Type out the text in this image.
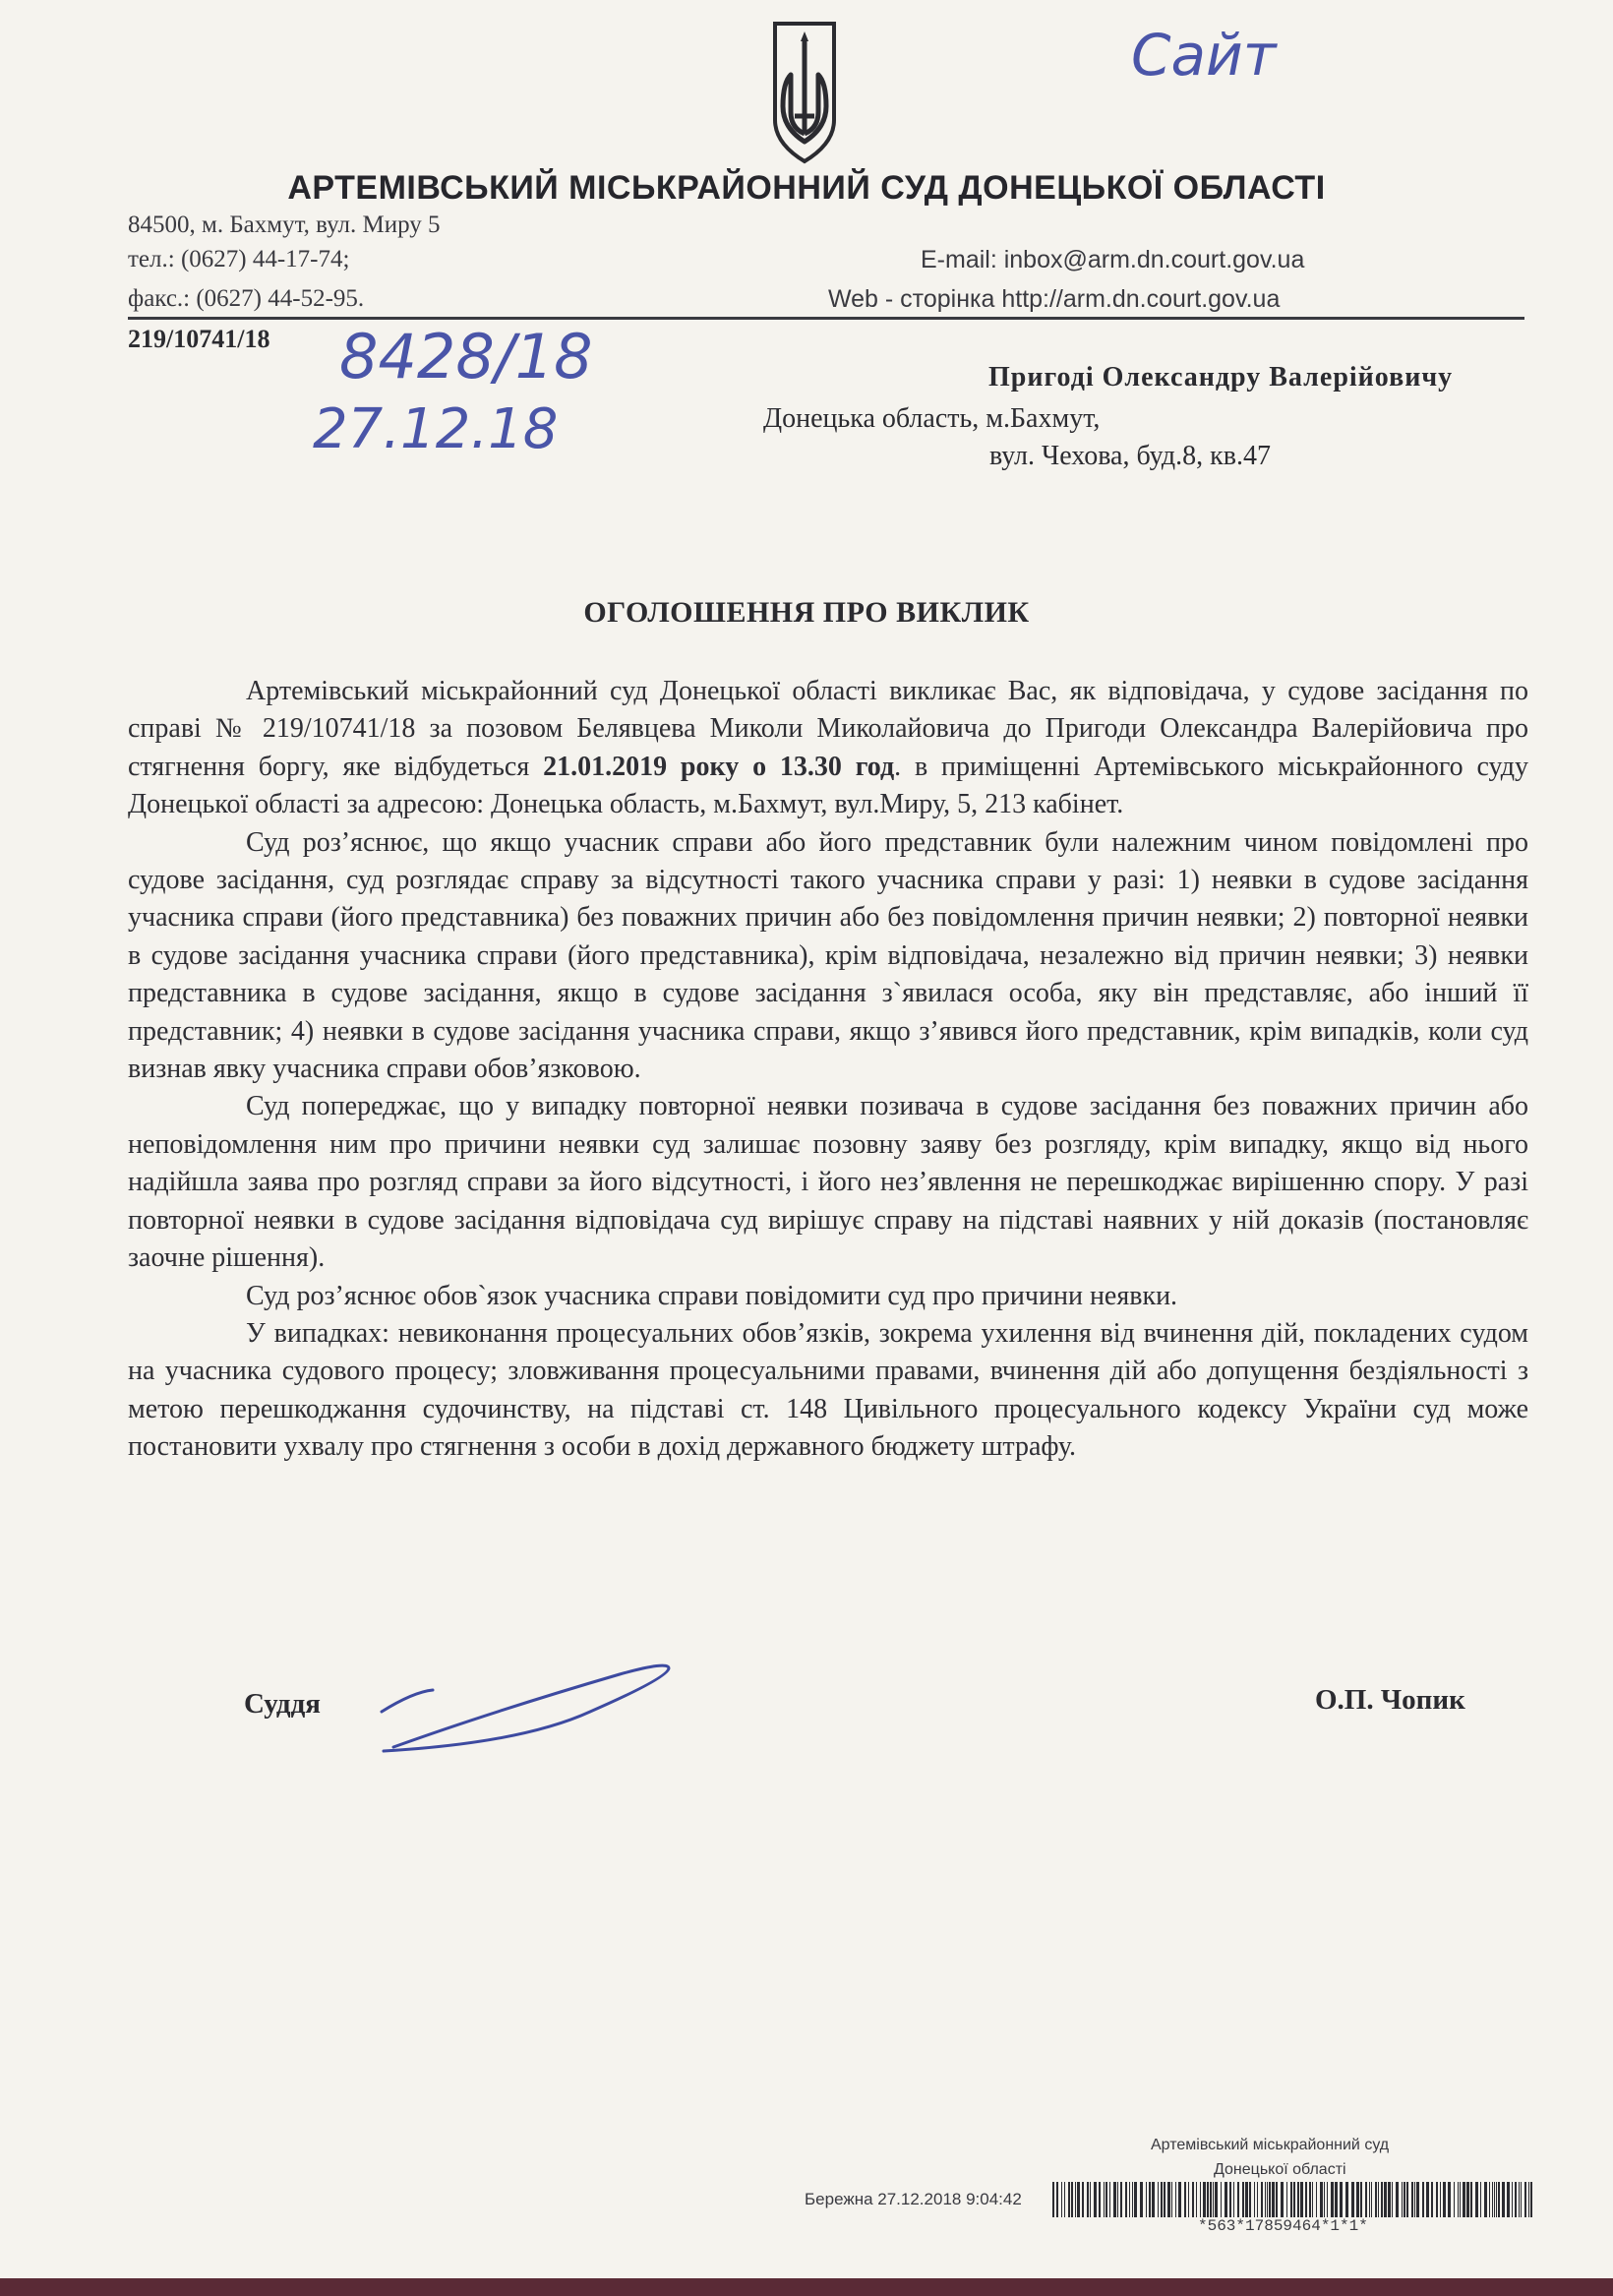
Сайт
АРТЕМІВСЬКИЙ МІСЬКРАЙОННИЙ СУД ДОНЕЦЬКОЇ ОБЛАСТІ
84500, м. Бахмут, вул. Миру 5
тел.: (0627) 44-17-74;
факс.: (0627) 44-52-95.
E-mail: inbox@arm.dn.court.gov.ua
Web - сторінка http://arm.dn.court.gov.ua
219/10741/18 8428/18
27.12.18
Пригоді Олександру Валерійовичу
Донецька область, м.Бахмут,
вул. Чехова, буд.8, кв.47
ОГОЛОШЕННЯ ПРО ВИКЛИК

Артемівський міськрайонний суд Донецької області викликає Вас, як відповідача, у судове засідання по справі № 219/10741/18 за позовом Белявцева Миколи Миколайовича до Пригоди Олександра Валерійовича про стягнення боргу, яке відбудеться 21.01.2019 року о 13.30 год. в приміщенні Артемівського міськрайонного суду Донецької області за адресою: Донецька область, м.Бахмут, вул.Миру, 5, 213 кабінет.

Суд роз’яснює, що якщо учасник справи або його представник були належним чином повідомлені про судове засідання, суд розглядає справу за відсутності такого учасника справи у разі: 1) неявки в судове засідання учасника справи (його представника) без поважних причин або без повідомлення причин неявки; 2) повторної неявки в судове засідання учасника справи (його представника), крім відповідача, незалежно від причин неявки; 3) неявки представника в судове засідання, якщо в судове засідання з`явилася особа, яку він представляє, або інший її представник; 4) неявки в судове засідання учасника справи, якщо з’явився його представник, крім випадків, коли суд визнав явку учасника справи обов’язковою.

Суд попереджає, що у випадку повторної неявки позивача в судове засідання без поважних причин або неповідомлення ним про причини неявки суд залишає позовну заяву без розгляду, крім випадку, якщо від нього надійшла заява про розгляд справи за його відсутності, і його нез’явлення не перешкоджає вирішенню спору. У разі повторної неявки в судове засідання відповідача суд вирішує справу на підставі наявних у ній доказів (постановляє заочне рішення).

Суд роз’яснює обов`язок учасника справи повідомити суд про причини неявки.

У випадках: невиконання процесуальних обов’язків, зокрема ухилення від вчинення дій, покладених судом на учасника судового процесу; зловживання процесуальними правами, вчинення дій або допущення бездіяльності з метою перешкоджання судочинству, на підставі ст. 148 Цивільного процесуального кодексу України суд може постановити ухвалу про стягнення з особи в дохід державного бюджету штрафу.

Суддя	О.П. Чопик
Артемівський міськрайонний суд
Донецької області
Бережна 27.12.2018 9:04:42
*563*17859464*1*1*
